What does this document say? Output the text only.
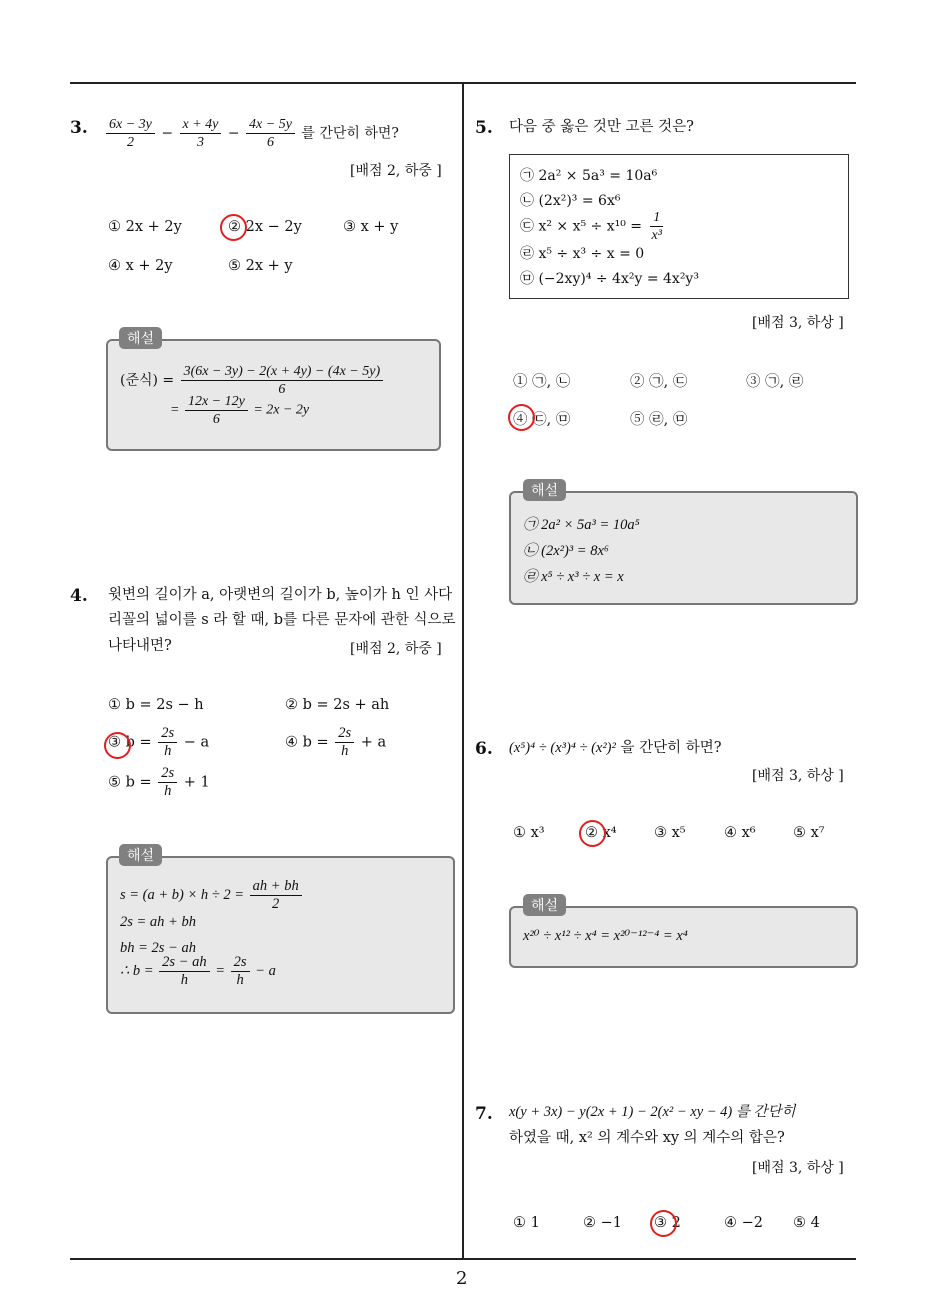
3. $\frac{6x - 3y}{2} - \frac{x + 4y}{3} - \frac{4x - 5y}{6}$ 를 간단히 하면?
[배점 2, 하중 ]
① 2x + 2y	② 2x − 2y	③ x + y
④ x + 2y	⑤ 2x + y
(준식) = $\frac{3(6x - 3y) - 2(x + 4y) - (4x - 5y)}{6}$
= $\frac{12x - 12y}{6} = 2x - 2y$
해설
4. 윗변의 길이가 a, 아랫변의 길이가 b, 높이가 h 인 사다
리꼴의 넓이를 s 라 할 때, b를 다른 문자에 관한 식으로
나타내면?	[배점 2, 하중 ]
① b = 2s − h	② b = 2s + ah
③ $b = \frac{2s}{h} - a$	④ $b = \frac{2s}{h} + a$
⑤ $b = \frac{2s}{h} + 1$
$s = (a + b) \times h \div 2 = \frac{ah + bh}{2}$
2s = ah + bh
bh = 2s − ah
∴ $b = \frac{2s - ah}{h} = \frac{2s}{h} - a$
해설
5. 다음 중 옳은 것만 고른 것은?
㉠ 2a² × 5a³ = 10a⁶
㉡ (2x²)³ = 6x⁶
㉢ $x^2 \times x^5 \div x^{10} = \frac{1}{\text{x³}}$
㉣ x⁵ ÷ x³ ÷ x = 0
㉤ (−2xy)⁴ ÷ 4x²y = 4x²y³
[배점 3, 하상 ]
① ㉠, ㉡	② ㉠, ㉢	③ ㉠, ㉣
④ ㉢, ㉤	⑤ ㉣, ㉤
㉠ 2a² × 5a³ = 10a⁵
㉡ (2x²)³ = 8x⁶
㉣ x⁵ ÷ x³ ÷ x = x
해설
6. (x⁵)⁴ ÷ (x³)⁴ ÷ (x²)² 을 간단히 하면?
[배점 3, 하상 ]
① x³	② x⁴	③ x⁵	④ x⁶	⑤ x⁷
x²⁰ ÷ x¹² ÷ x⁴ = x²⁰⁻¹²⁻⁴ = x⁴
해설
7. x(y + 3x) − y(2x + 1) − 2(x² − xy − 4) 를 간단히
하였을 때, x² 의 계수와 xy 의 계수의 합은?
[배점 3, 하상 ]
① 1	② −1 ③ 2	④ −2 ⑤ 4
2
